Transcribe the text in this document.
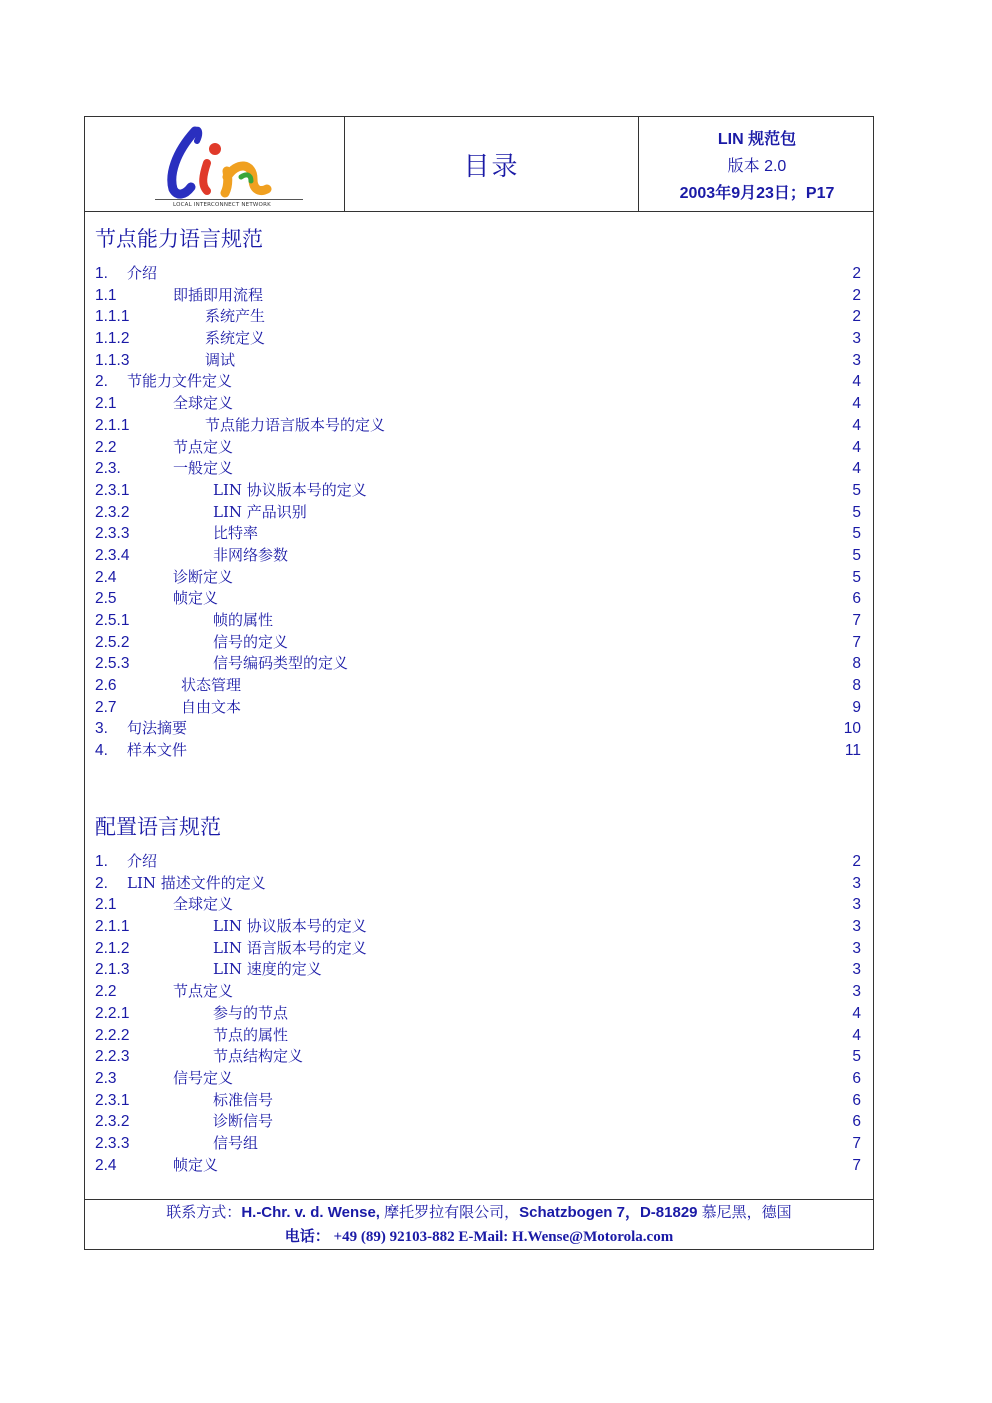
LOCAL INTERCONNECT NETWORK
目录
LIN 规范包
版本 2.0
2003年9月23日；P17
节点能力语言规范
1. 介绍	2
1.1	即插即用流程	2
1.1.1	系统产生	2
1.1.2	系统定义	3
1.1.3	调试	3
2. 节能力文件定义	4
2.1	全球定义	4
2.1.1	节点能力语言版本号的定义	4
2.2	节点定义	4
2.3.	一般定义	4
2.3.1	LIN 协议版本号的定义	5
2.3.2	LIN 产品识别	5
2.3.3	比特率	5
2.3.4	非网络参数	5
2.4	诊断定义	5
2.5	帧定义	6
2.5.1	帧的属性	7
2.5.2	信号的定义	7
2.5.3	信号编码类型的定义	8
2.6	状态管理	8
2.7	自由文本	9
3. 句法摘要	10
4. 样本文件	11
配置语言规范
1. 介绍	2
2. LIN 描述文件的定义	3
2.1	全球定义	3
2.1.1	LIN 协议版本号的定义	3
2.1.2	LIN 语言版本号的定义	3
2.1.3	LIN 速度的定义	3
2.2	节点定义	3
2.2.1	参与的节点	4
2.2.2	节点的属性	4
2.2.3	节点结构定义	5
2.3	信号定义	6
2.3.1	标准信号	6
2.3.2	诊断信号	6
2.3.3	信号组	7
2.4	帧定义	7
联系方式：H.-Chr. v. d. Wense, 摩托罗拉有限公司，Schatzbogen 7，D-81829 慕尼黑，德国
电话： +49 (89) 92103-882 E-Mail: H.Wense@Motorola.com
